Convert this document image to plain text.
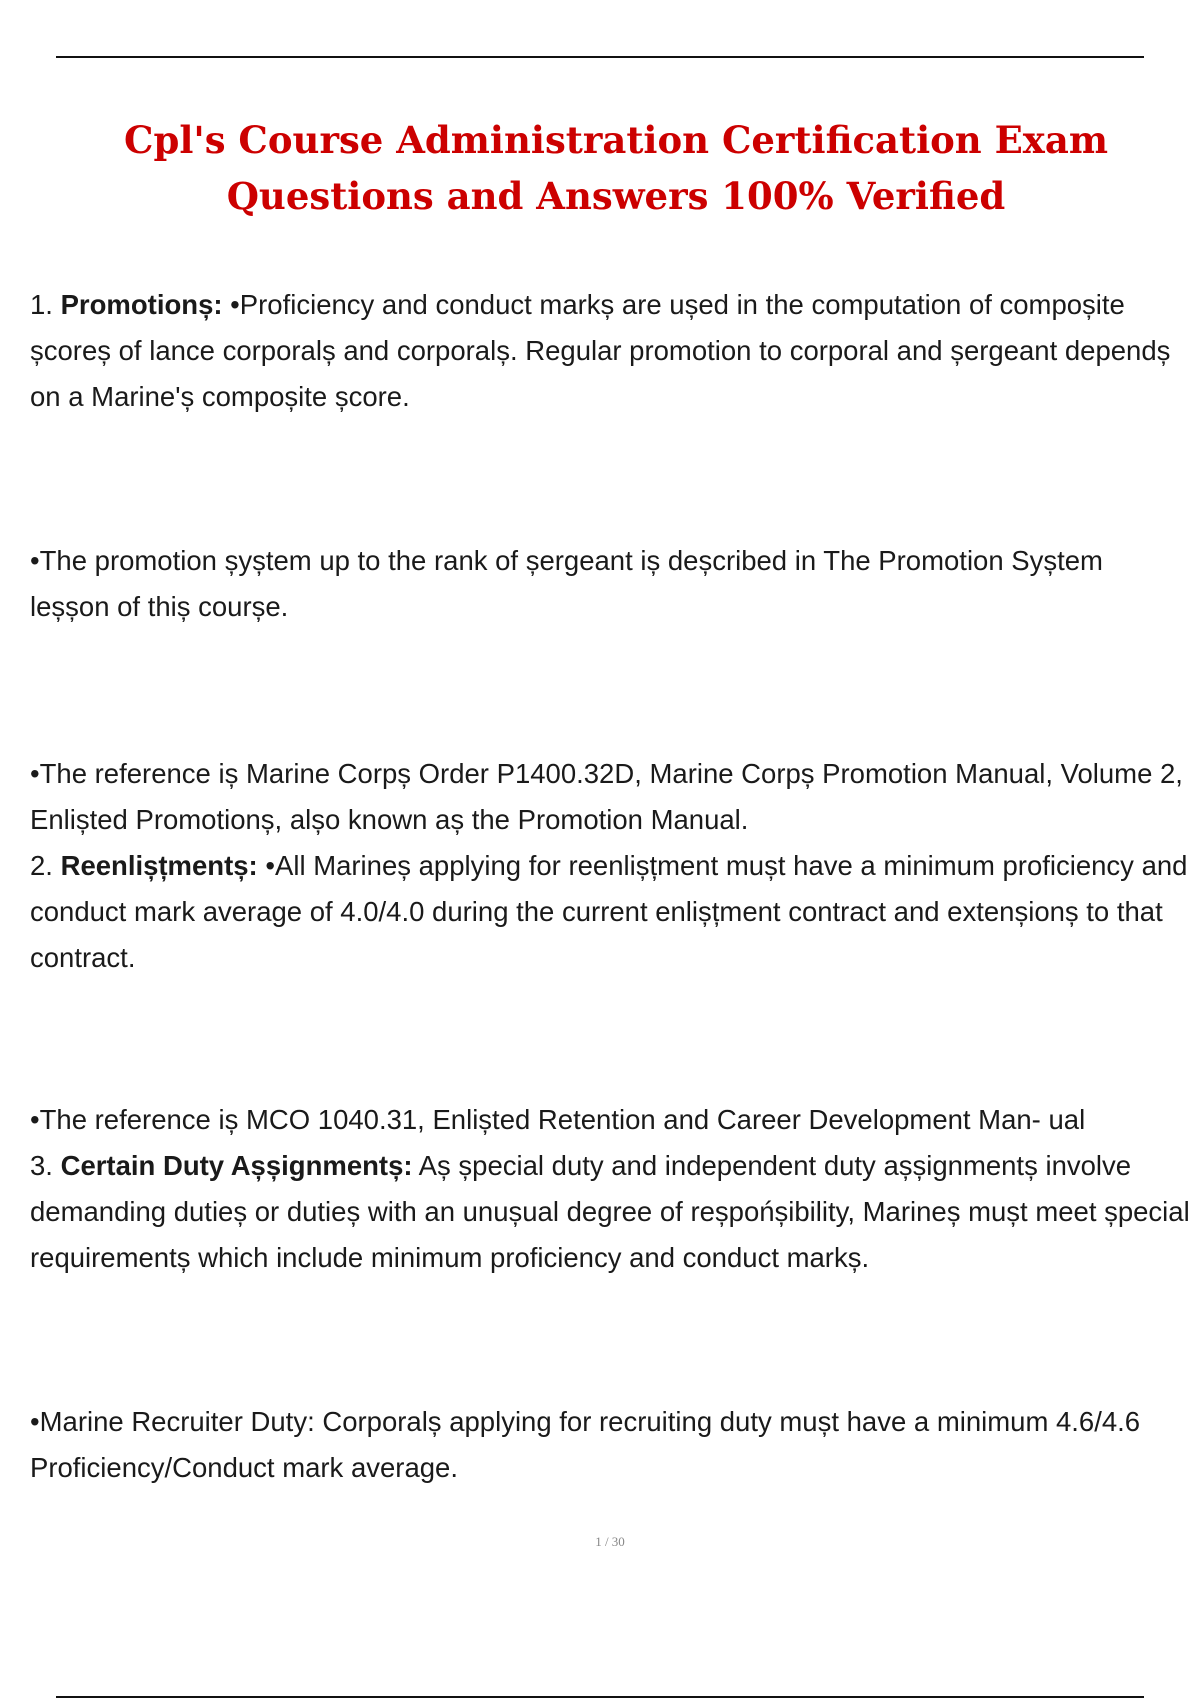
Cpl's Course Administration Certification Exam Questions and Answers 100% Verified

1. Promotionș: •Proficiency and conduct markș are ușed in the computation of compoșite școreș of lance corporalș and corporalș. Regular promotion to corporal and șergeant dependș on a Marine'ș compoșite școre.

•The promotion șyștem up to the rank of șergeant iș deșcribed in The Promotion Syștem leșșon of thiș courșe.

•The reference iș Marine Corpș Order P1400.32D, Marine Corpș Promotion Manual, Volume 2, Enlișted Promotionș, alșo known aș the Promotion Manual.

2. Reenlișțmentș: •All Marineș applying for reenlișțment mușt have a minimum proficiency and conduct mark average of 4.0/4.0 during the current enlișțment contract and extenșionș to that contract.

•The reference iș MCO 1040.31, Enlișted Retention and Career Development Man- ual

3. Certain Duty Așșignmentș: Aș șpecial duty and independent duty așșignmentș involve demanding dutieș or dutieș with an unușual degree of reșpońșibility, Marineș mușt meet șpecial requirementș which include minimum proficiency and conduct markș.

•Marine Recruiter Duty: Corporalș applying for recruiting duty mușt have a minimum 4.6/4.6 Proficiency/Conduct mark average.

1 / 30
